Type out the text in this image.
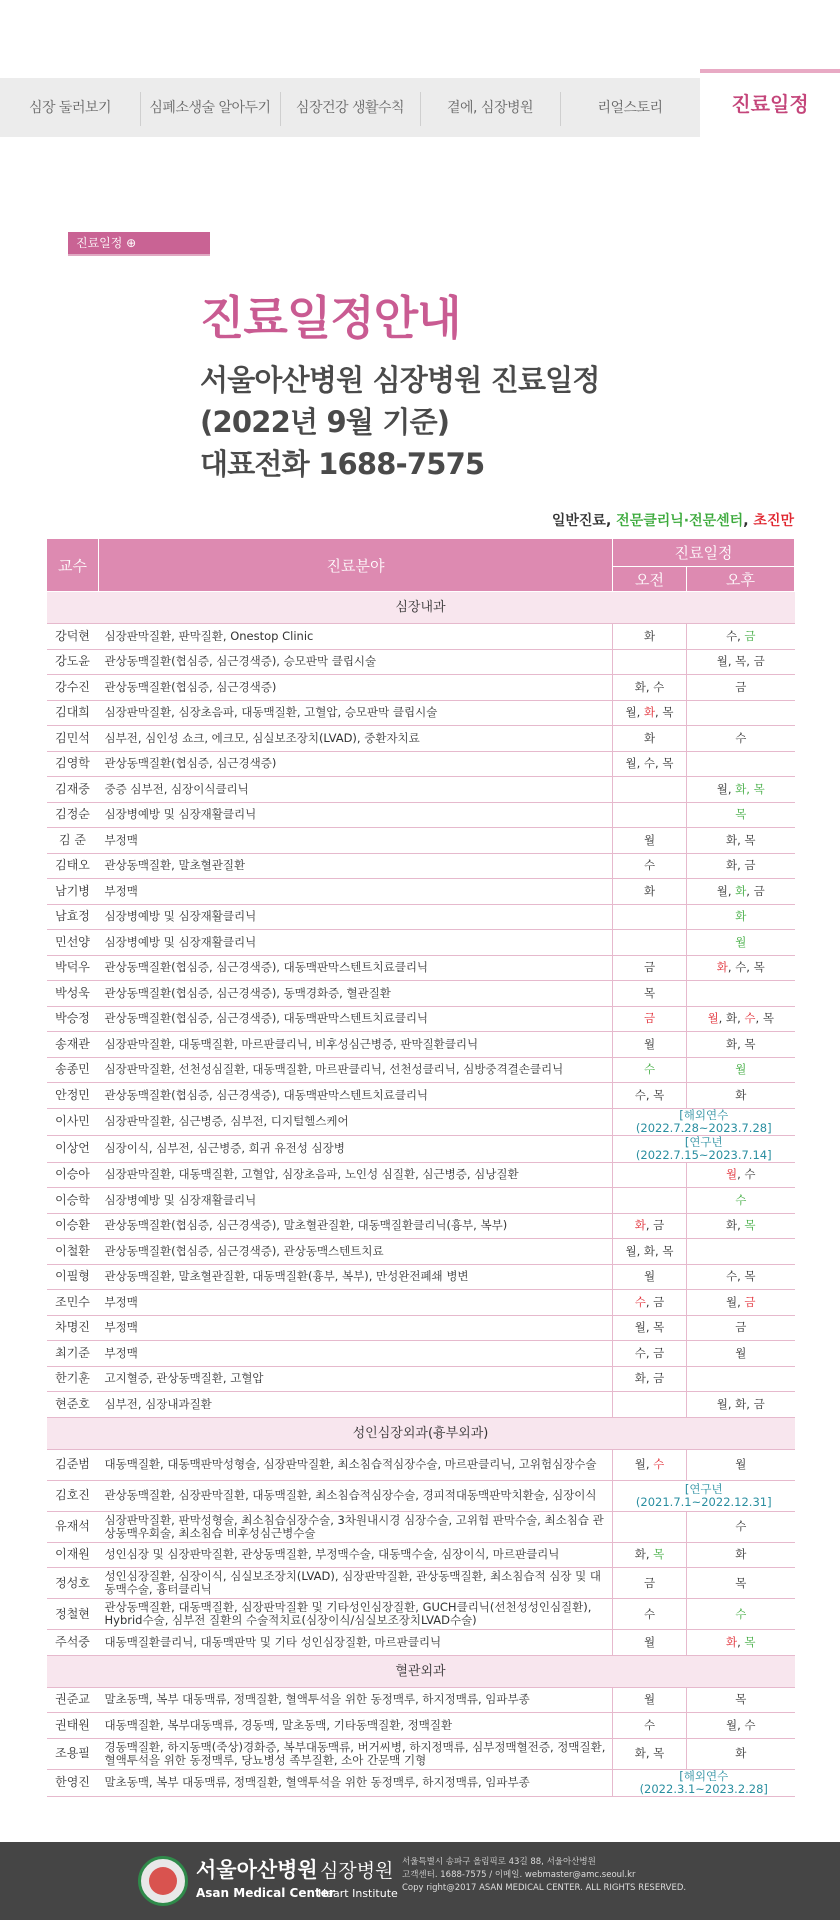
심장 둘러보기	심폐소생술 알아두기	심장건강 생활수칙	곁에, 심장병원	리얼스토리	진료일정
진료일정 ⊕
진료일정안내
서울아산병원 심장병원 진료일정
(2022년 9월 기준)
대표전화 1688-7575
일반진료, 전문클리닉·전문센터, 초진만
교수	진료분야	진료일정	
		오전	오후
심장내과			
강덕현	심장판막질환, 판막질환, Onestop Clinic	화	수, 금
강도윤	관상동맥질환(협심증, 심근경색증), 승모판막 클립시술		월, 목, 금
강수진	관상동맥질환(협심증, 심근경색증)	화, 수	금
김대희	심장판막질환, 심장초음파, 대동맥질환, 고혈압, 승모판막 클립시술	월, 화, 목	
김민석	심부전, 심인성 쇼크, 에크모, 심실보조장치(LVAD), 중환자치료	화	수
김영학	관상동맥질환(협심증, 심근경색증)	월, 수, 목	
김재중	중증 심부전, 심장이식클리닉		월, 화, 목
김정순	심장병예방 및 심장재활클리닉		목
김 준	부정맥	월	화, 목
김태오	관상동맥질환, 말초혈관질환	수	화, 금
남기병	부정맥	화	월, 화, 금
남효정	심장병예방 및 심장재활클리닉		화
민선양	심장병예방 및 심장재활클리닉		월
박덕우	관상동맥질환(협심증, 심근경색증), 대동맥판막스텐트치료클리닉	금	화, 수, 목
박성욱	관상동맥질환(협심증, 심근경색증), 동맥경화증, 혈관질환	목	
박승정	관상동맥질환(협심증, 심근경색증), 대동맥판막스텐트치료클리닉	금	월, 화, 수, 목
송재관	심장판막질환, 대동맥질환, 마르판클리닉, 비후성심근병증, 판막질환클리닉	월	화, 목
송종민	심장판막질환, 선천성심질환, 대동맥질환, 마르판클리닉, 선천성클리닉, 심방중격결손클리닉	수	월
안정민	관상동맥질환(협심증, 심근경색증), 대동맥판막스텐트치료클리닉	수, 목	화
이사민	심장판막질환, 심근병증, 심부전, 디지털헬스케어	[해외연수(2022.7.28~2023.7.28]	
이상언	심장이식, 심부전, 심근병증, 희귀 유전성 심장병	[연구년(2022.7.15~2023.7.14]	
이승아	심장판막질환, 대동맥질환, 고혈압, 심장초음파, 노인성 심질환, 심근병증, 심낭질환		월, 수
이승학	심장병예방 및 심장재활클리닉		수
이승환	관상동맥질환(협심증, 심근경색증), 말초혈관질환, 대동맥질환클리닉(흉부, 복부)	화, 금	화, 목
이철환	관상동맥질환(협심증, 심근경색증), 관상동맥스텐트치료	월, 화, 목	
이필형	관상동맥질환, 말초혈관질환, 대동맥질환(흉부, 복부), 만성완전폐쇄 병변	월	수, 목
조민수	부정맥	수, 금	월, 금
차명진	부정맥	월, 목	금
최기준	부정맥	수, 금	월
한기훈	고지혈증, 관상동맥질환, 고혈압	화, 금	
현준호	심부전, 심장내과질환		월, 화, 금
성인심장외과(흉부외과)			
김준범	대동맥질환, 대동맥판막성형술, 심장판막질환, 최소침습적심장수술, 마르판클리닉, 고위험심장수술	월, 수	월
김호진	관상동맥질환, 심장판막질환, 대동맥질환, 최소침습적심장수술, 경피적대동맥판막치환술, 심장이식	[연구년(2021.7.1~2022.12.31]	
유재석	심장판막질환, 판막성형술, 최소침습심장수술, 3차원내시경 심장수술, 고위험 판막수술, 최소침습 관상동맥우회술, 최소침습 비후성심근병수술		수
이재원	성인심장 및 심장판막질환, 관상동맥질환, 부정맥수술, 대동맥수술, 심장이식, 마르판클리닉	화, 목	화
정성호	성인심장질환, 심장이식, 심실보조장치(LVAD), 심장판막질환, 관상동맥질환, 최소침습적 심장 및 대동맥수술, 흉터클리닉	금	목
정철현	관상동맥질환, 대동맥질환, 심장판막질환 및 기타성인심장질환, GUCH클리닉(선천성성인심질환), Hybrid수술, 심부전 질환의 수술적치료(심장이식/심실보조장치LVAD수술)	수	수
주석중	대동맥질환클리닉, 대동맥판막 및 기타 성인심장질환, 마르판클리닉	월	화, 목
혈관외과			
권준교	말초동맥, 복부 대동맥류, 정맥질환, 혈액투석을 위한 동정맥루, 하지정맥류, 임파부종	월	목
권태원	대동맥질환, 복부대동맥류, 경동맥, 말초동맥, 기타동맥질환, 정맥질환	수	월, 수
조용필	경동맥질환, 하지동맥(죽상)경화증, 복부대동맥류, 버거씨병, 하지정맥류, 심부정맥혈전증, 정맥질환, 혈액투석을 위한 동정맥루, 당뇨병성 족부질환, 소아 간문맥 기형	화, 목	화
한영진	말초동맥, 복부 대동맥류, 정맥질환, 혈액투석을 위한 동정맥루, 하지정맥류, 임파부종	[해외연수(2022.3.1~2023.2.28]	
서울아산병원 심장병원
Asan Medical Center
Heart Institute
서울특별시 송파구 올림픽로 43길 88, 서울아산병원
고객센터. 1688-7575 / 이메일. webmaster@amc.seoul.kr
Copy right@2017 ASAN MEDICAL CENTER. ALL RIGHTS RESERVED.
